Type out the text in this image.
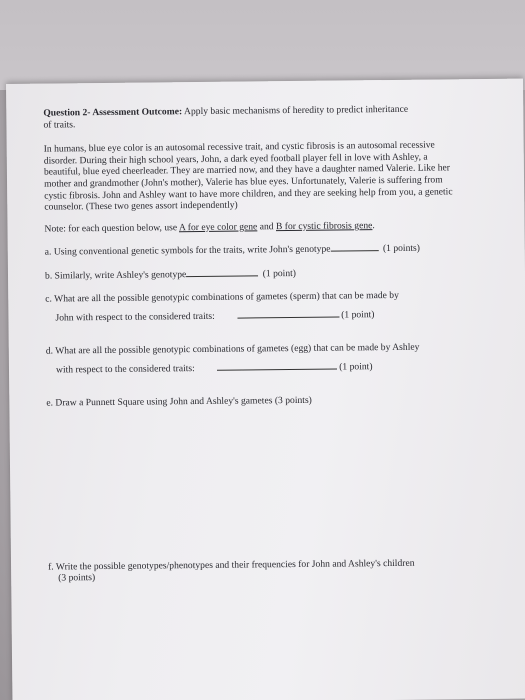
Question 2- Assessment Outcome: Apply basic mechanisms of heredity to predict inheritance
of traits.

In humans, blue eye color is an autosomal recessive trait, and cystic fibrosis is an autosomal recessive disorder. During their high school years, John, a dark eyed football player fell in love with Ashley, a beautiful, blue eyed cheerleader. They are married now, and they have a daughter named Valerie. Like her mother and grandmother (John's mother), Valerie has blue eyes. Unfortunately, Valerie is suffering from cystic fibrosis. John and Ashley want to have more children, and they are seeking help from you, a genetic counselor. (These two genes assort independently)

Note: for each question below, use A for eye color gene and B for cystic fibrosis gene.

a. Using conventional genetic symbols for the traits, write John's genotype	(1 points)

b. Similarly, write Ashley's genotype	(1 point)

c. What are all the possible genotypic combinations of gametes (sperm) that can be made by

John with respect to the considered traits:	(1 point)

d. What are all the possible genotypic combinations of gametes (egg) that can be made by Ashley

with respect to the considered traits:	(1 point)

e. Draw a Punnett Square using John and Ashley's gametes (3 points)

f. Write the possible genotypes/phenotypes and their frequencies for John and Ashley's children

(3 points)
